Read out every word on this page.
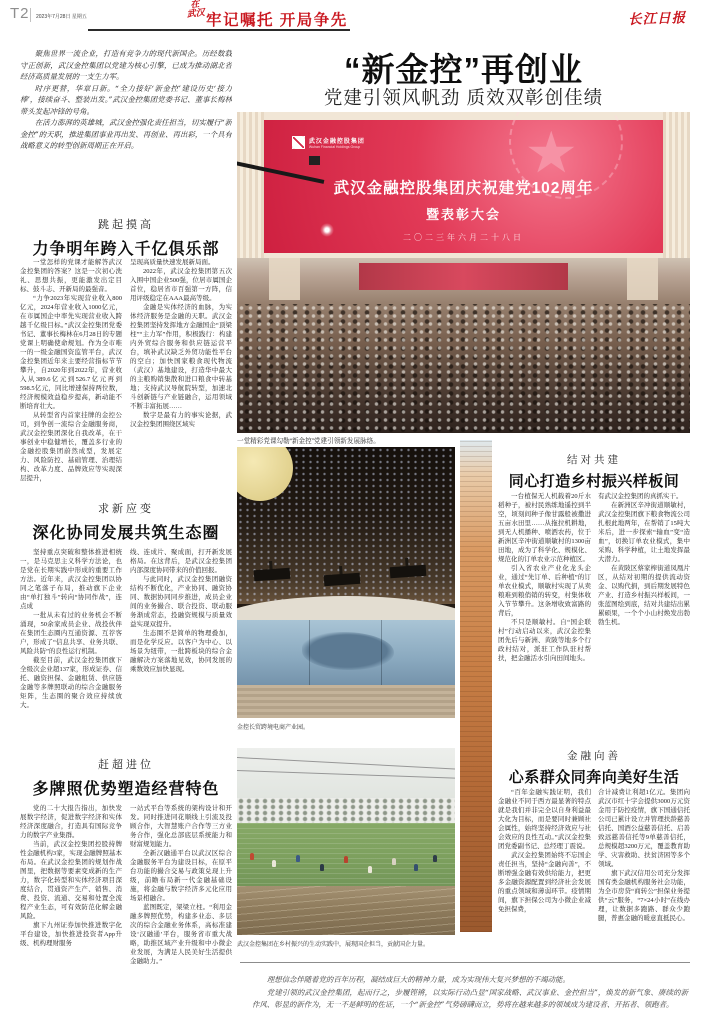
T2 2023年7月28日 星期五
在
武汉 牢记嘱托 开局争先	长江日报
“新金控”再创业
党建引领风帆劲 质效双彰创佳绩

聚焦世界一流企业，打造有竞争力的现代新国企。历经数载守正创新，武汉金控集团以党建为核心引擎，已成为推动湖北省经济高质量发展的一支生力军。

时序更替，华章日新。“全力接好‘新金控’建设历史‘接力棒’，接续奋斗、整装出发。”武汉金控集团党委书记、董事长梅林带头发起冲锋的号角。

在活力澎湃的英雄城，武汉金控强化责任担当，切实履行“新金控”的天职，推进集团事业再出发、再创业、再出彩，一个具有战略意义的转型创新周期正在开启。	武汉金融控股集团
Wuhan Financial Holdings Group
武汉金融控股集团庆祝建党102周年
暨表彰大会
二〇二三年六月二十八日
一堂精彩党课勾勒“新金控”党建引领新发展脉络。

跳起摸高

力争明年跨入千亿俱乐部

一堂怎样的党课才能解答武汉金控集团的答案？这是一次初心洗礼、思想共振，更能激发出定目标、鼓斗志、开新局的最强音。

“力争2023年实现营业收入800亿元，2024年营业收入1000亿元，在市属国企中率先实现营业收入跨越千亿级目标。”武汉金控集团党委书记、董事长梅林在6月28日的专题党课上明确使命规划。作为全市唯一的一级金融国资监管平台，武汉金控集团近年来主要经营指标节节攀升，自2020年到2022年，营业收入从389.6亿元到526.7亿元再到598.5亿元，同比增速保持两位数，经济规模效益稳步提高，新动能不断培育壮大。

从转型省内首家挂牌的金控公司，到争创一流综合金融服务商，武汉金控集团深化自我改革，在干事创业中稳健增长，覆盖多行业的金融控股集团蔚然成型，发展定力、风险防控、基础管理、治理结构、改革力度、品牌效应等实现深层提升，

呈现高质量快速发展新局面。

2022年，武汉金控集团第五次入围中国企业500强，位居市属国企首位，稳居省市百强第一方阵，信用评级稳定在AAA最高等级。

金融是实体经济的血脉，为实体经济服务是金融的天职。武汉金控集团坚持发挥地方金融国企“顶梁柱”“主力军”作用，积极践行：构建内外贸综合服务和供应链运营平台，填补武汉缺乏外贸功能性平台的空白；加快国家粮食现代物流（武汉）基地建设，打造华中最大的主粮购销集散和进口粮食中转基地；支持武汉导航院转型，加速北斗创新链与产业链融合，运用领域不断丰富拓展……

数字是最有力的事实论据，武汉金控集团围绕区域实

求新应变

深化协同发展共筑生态圈

坚持重点突破和整体推进相统一，是马克思主义科学方法论，也是党在长期实践中形成的重要工作方法。近年来，武汉金控集团以协同之笔落子布局，推动旗下企业由“单打独斗”转向“协同作战”，连点成

一批从未有过的业务机会不断涌现，50余家成员企业、战投伙伴在集团生态圈内互通资源、互荐客户，形成了“信息共享、业务共联、风险共防”的良性运行机制。

截至目前，武汉金控集团旗下全级次企业超137家，形成证券、信托、融资担保、金融租赁、供应链金融等多牌照联动的综合金融服务矩阵，生态圈的聚合效应持续放大。

线、连成片、聚成面，打开新发展格局。在这背后，是武汉金控集团内部深度协同带来的价值回报。

与此同时，武汉金控集团融资结构不断优化，产业协同、融资协同、数据协同同步推进，成员企业间的业务撮合、联合投资、联动服务渐成常态，投融资规模与质量效益实现双提升。

生态圈不是简单的物理叠加，而是化学反应。以客户为中心、以场景为纽带，一批跨板块的综合金融解决方案落地见效，协同发展的乘数效应加快显现。

赶超进位

多牌照优势塑造经营特色

党的二十大报告指出，加快发展数字经济，促进数字经济和实体经济深度融合，打造具有国际竞争力的数字产业集群。

当前，武汉金控集团控股持牌性金融机构3家，实现金融牌照基本布局。在武汉金控集团的规划作战图里，把数据等要素变成新的生产力，数字化转型和实体经济项目深度结合，贯通资产生产、销售、消费、投资、流通、交易和处置全流程产业生态，可有效防范化解金融风险。

旗下九州证券加快推进数字化平台建设，加快推进投资者App升级、机构理财服务

一站式平台等系统的架构设计和开发。同时推进同花顺线上引流及投顾合作，大智慧账户合作等三方业务合作，强化总部底层系统能力和财富规划能力。

全新汉融通平台以武汉区综合金融服务平台为建设目标，在原平台功能的撮合交易与政策兑现上升级，前瞻布局新一代金融基础设施，将金融与数字经济多元化应用场景相融合。

蓝图既定，架梁立柱。“利用金融多牌照优势，构建多业态、多层次的综合金融业务体系，高标准建设‘汉融通’平台，服务省市重大战略，助推区域产业升级和中小微企业发展，为满足人民美好生活提供金融助力。”

金控长贸跨境电商产业园。
武汉金控集团在乡村振兴的生动实践中，展现国企担当，贡献国企力量。

结对共建

同心打造乡村振兴样板间

一台植保无人机载着20斤水稻种子，被村民熟练地遥控到半空，顷刻间种子像甘露般被撒进五亩水田里……从拖拉机耕地，到无人机播种、喷洒农药，位于新洲区辛冲街道顺敏村的1300亩田地，成为了科学化、规模化、规范化的订单农业示范种植区。

引入省农业产业化龙头企业，通过“先订单、后种植”的订单农业模式，顺敏村实现了从卖粮难到粮俏销的转变，村集体收入节节攀升。这条增收致富路的背后，

不只是顺敏村。自“国企联村”行动启动以来，武汉金控集团先后与新洲、黄陂等地多个行政村结对，派驻工作队驻村帮扶，把金融活水引向田间地头。

有武汉金控集团的真抓实干。

在新洲区辛冲街道顺敏村，武汉金控集团旗下粮食物流公司扎根此地两年，在帮销了15吨大米后，进一步探索“输血”变“造血”，切换订单农业模式，集中采购、科学种植，让土地发挥最大潜力。

在黄陂区蔡家榨街道凤凰片区，从结对初期的提供流动资金、以购代捐，到后期发展特色产业、打造乡村振兴样板间，一张蓝图绘到底，结对共建结出累累硕果，一个个小山村焕发出勃勃生机。

金融向善

心系群众同奔向美好生活

“百年金融实践证明，我们金融业不同于西方最显著的特点就是我们并非完全以自身利益最大化为目标，而是要同时兼顾社会属性，始终坚持经济效应与社会效应的良性互动。”武汉金控集团党委副书记、总经理丁震说。

武汉金控集团始终不忘国企责任担当，坚持“金融向善”，不断增强金融有效供给能力，把更多金融资源配置到经济社会发展的重点领域和薄弱环节。疫情期间，旗下担保公司为小微企业减免担保费，

合计减费让利超1亿元。集团向武汉市红十字会提供3000万元资金用于防控疫情，旗下国通信托公司已累计设立并管理扶龄慈善信托、国酒公益慈善信托、启善致远慈善信托等9单慈善信托，总规模超3200万元，覆盖教育助学、灾害救助、扶贫济困等多个领域。

旗下武汉信用公司充分发挥国有类金融机构服务社会功能，为全市房贷“商转公”担保业务提供“云”服务，“7×24小时”在线办理，让数据多跑路、群众少跑腿，普惠金融的暖意直抵民心。

理想信念伴随着党的百年历程，凝结成巨大的精神力量，成为实现伟大复兴梦想的不竭动能。

党建引领的武汉金控集团，起而行之，步履铿锵，以实际行动凸显“国家战略、武汉事业、金控担当”，焕发的新气象、赓续的新作风、彰显的新作为，无一不是鲜明的佐证，一个“新金控”气势磅礴而立，势将在越来越多的领域成为建设者、开拓者、领跑者。
